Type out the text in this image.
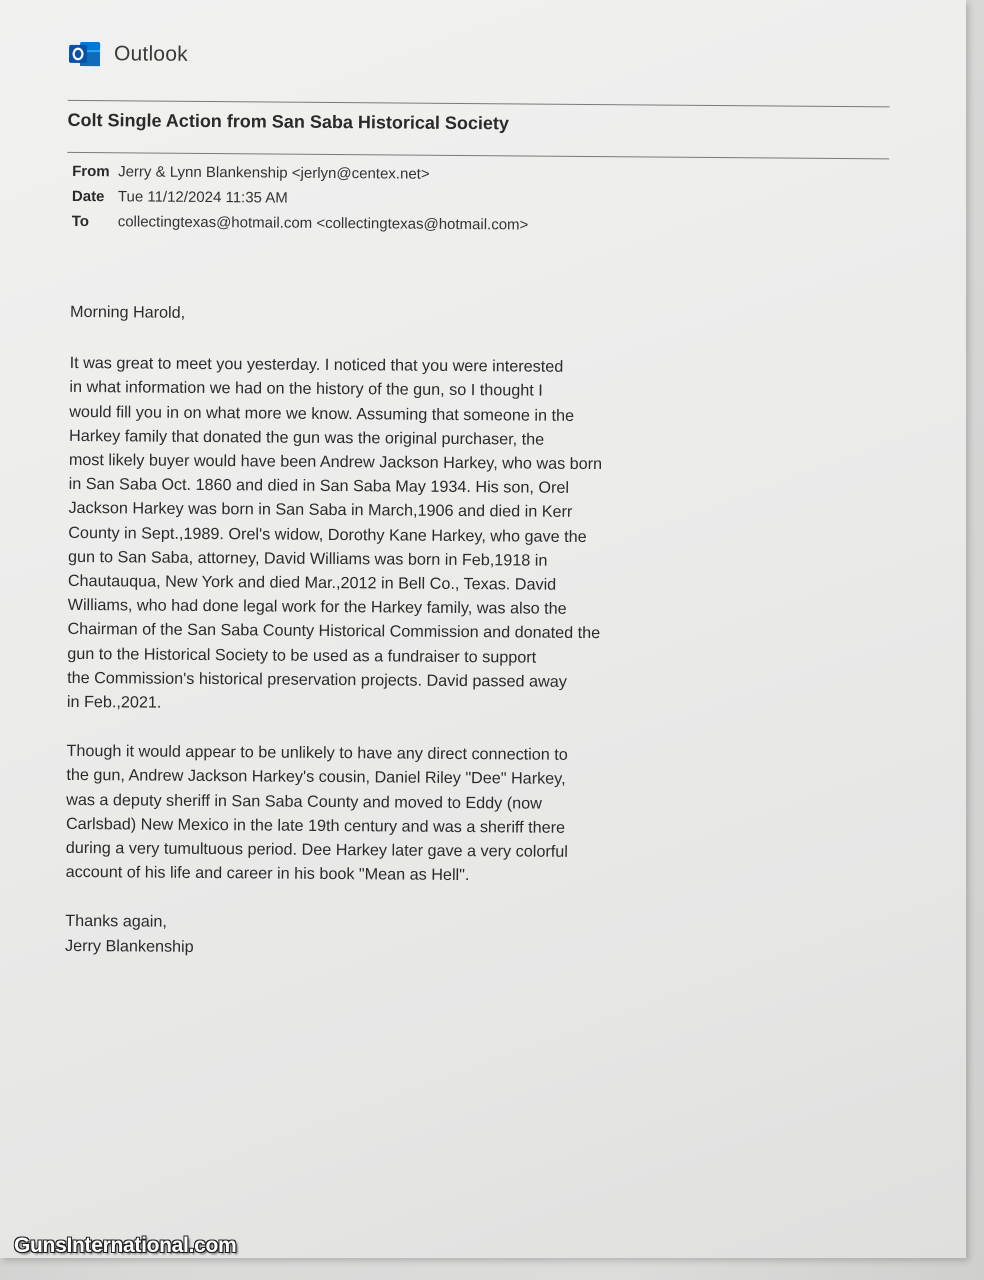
Outlook
Colt Single Action from San Saba Historical Society
From Jerry & Lynn Blankenship <jerlyn@centex.net>
Date Tue 11/12/2024 11:35 AM
To	collectingtexas@hotmail.com <collectingtexas@hotmail.com>

Morning Harold,

It was great to meet you yesterday. I noticed that you were interested
in what information we had on the history of the gun, so I thought I
would fill you in on what more we know. Assuming that someone in the
Harkey family that donated the gun was the original purchaser, the
most likely buyer would have been Andrew Jackson Harkey, who was born
in San Saba Oct. 1860 and died in San Saba May 1934. His son, Orel
Jackson Harkey was born in San Saba in March,1906 and died in Kerr
County in Sept.,1989. Orel's widow, Dorothy Kane Harkey, who gave the
gun to San Saba, attorney, David Williams was born in Feb,1918 in
Chautauqua, New York and died Mar.,2012 in Bell Co., Texas. David
Williams, who had done legal work for the Harkey family, was also the
Chairman of the San Saba County Historical Commission and donated the
gun to the Historical Society to be used as a fundraiser to support
the Commission's historical preservation projects. David passed away
in Feb.,2021.

Though it would appear to be unlikely to have any direct connection to
the gun, Andrew Jackson Harkey's cousin, Daniel Riley "Dee" Harkey,
was a deputy sheriff in San Saba County and moved to Eddy (now
Carlsbad) New Mexico in the late 19th century and was a sheriff there
during a very tumultuous period. Dee Harkey later gave a very colorful
account of his life and career in his book "Mean as Hell".

Thanks again,

Jerry Blankenship

GunsInternational.com
